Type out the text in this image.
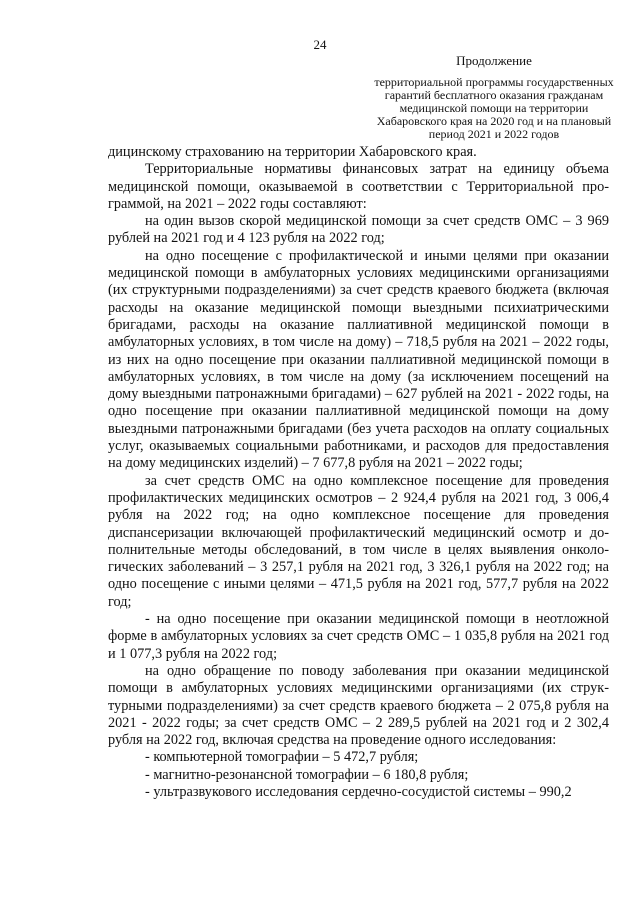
24
Продолжение
территориальной программы государственных гарантий бесплатного оказания гражданам медицинской помощи на территории Хабаровского края на 2020 год и на плановый период 2021 и 2022 годов

дицинскому страхованию на территории Хабаровского края.

Территориальные нормативы финансовых затрат на единицу объема медицинской помощи, оказываемой в соответствии с Территориальной программой, на 2021 – 2022 годы составляют:

на один вызов скорой медицинской помощи за счет средств ОМС – 3 969 рублей на 2021 год и 4 123 рубля на 2022 год;

на одно посещение с профилактической и иными целями при оказании медицинской помощи в амбулаторных условиях медицинскими организациями (их структурными подразделениями) за счет средств краевого бюджета (включая расходы на оказание медицинской помощи выездными психиатрическими бригадами, расходы на оказание паллиативной медицинской помощи в амбулаторных условиях, в том числе на дому) – 718,5 рубля на 2021 – 2022 годы, из них на одно посещение при оказании паллиативной медицинской помощи в амбулаторных условиях, в том числе на дому (за исключением посещений на дому выездными патронажными бригадами) – 627 рублей на 2021 - 2022 годы, на одно посещение при оказании паллиативной медицинской помощи на дому выездными патронажными бригадами (без учета расходов на оплату социальных услуг, оказываемых социальными работниками, и расходов для предоставления на дому медицинских изделий) – 7 677,8 рубля на 2021 – 2022 годы;

за счет средств ОМС на одно комплексное посещение для проведения профилактических медицинских осмотров – 2 924,4 рубля на 2021 год, 3 006,4 рубля на 2022 год; на одно комплексное посещение для проведения диспансеризации включающей профилактический медицинский осмотр и дополнительные методы обследований, в том числе в целях выявления онкологических заболеваний – 3 257,1 рубля на 2021 год, 3 326,1 рубля на 2022 год; на одно посещение с иными целями – 471,5 рубля на 2021 год, 577,7 рубля на 2022 год;

- на одно посещение при оказании медицинской помощи в неотложной форме в амбулаторных условиях за счет средств ОМС – 1 035,8 рубля на 2021 год и 1 077,3 рубля на 2022 год;

на одно обращение по поводу заболевания при оказании медицинской помощи в амбулаторных условиях медицинскими организациями (их структурными подразделениями) за счет средств краевого бюджета – 2 075,8 рубля на 2021 - 2022 годы; за счет средств ОМС – 2 289,5 рублей на 2021 год и 2 302,4 рубля на 2022 год, включая средства на проведение одного исследования:

- компьютерной томографии – 5 472,7 рубля;

- магнитно-резонансной томографии – 6 180,8 рубля;

- ультразвукового исследования сердечно-сосудистой системы – 990,2
